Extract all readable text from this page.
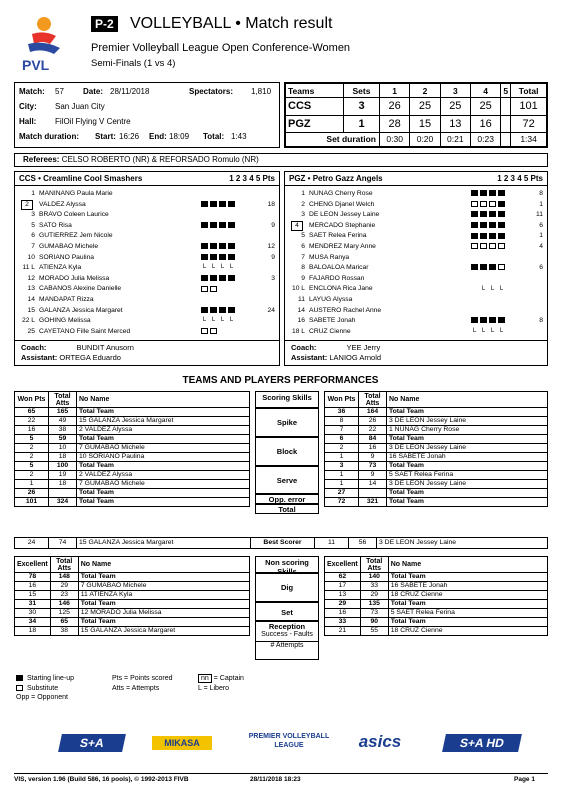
PVL
P-2 VOLLEYBALL • Match result
Premier Volleyball League Open Conference-Women
Semi-Finals (1 vs 4)
Match: 57 Date: 28/11/2018	Spectators: 1,810
City: San Juan City
Hall: FilOil Flying V Centre
Match duration: Start: 16:26 End: 18:09 Total: 1:43
Teams	Sets	1	2	3	4	5	Total
CCS	3	26	25	25	25		101
PGZ	1	28	15	13	16		72
Set duration		0:30	0:20	0:21	0:23		1:34
Referees: CELSO ROBERTO (NR) & REFORSADO Romulo (NR)
CCS • Creamline Cool Smashers	1 2 3 4 5 Pts
1 MANINANG Paula Marie
2	VALDEZ Alyssa	18
3 BRAVO Coleen Laurice
5 SATO Risa	9
6 GUTIERREZ Jem Nicole
7 GUMABAO Michele	12
10 SORIANO Paulina	9
11 L ATIENZA Kyla	L L L L
12 MORADO Julia Melissa	3
13 CABANOS Alexine Danielle
14 MANDAPAT Rizza
15 GALANZA Jessica Margaret	24
22 L GOHING Melissa	L L L L
25 CAYETANO Fille Saint Merced
PGZ • Petro Gazz Angels	1 2 3 4 5 Pts
1 NUNAG Cherry Rose	8
2 CHENG Djanel Welch	1
3 DE LEON Jessey Laine	11
4	MERCADO Stephanie	6
5 SAET Relea Ferina	1
6 MENDREZ Mary Anne	4
7 MUSA Ranya
8 BALOALOA Maricar	6
9 FAJARDO Rossan
10 L ENCLONA Rica Jane	L L L
11 LAYUG Alyssa
14 AUSTERO Rachel Anne
16 SABETE Jonah	8
18 L CRUZ Cienne	L L L L
Coach:	BUNDIT Anusorn
Assistant: ORTEGA Eduardo
Coach:	YEE Jerry
Assistant: LANIOG Arnold
TEAMS AND PLAYERS PERFORMANCES
Won Pts	Total Atts	No Name
65	165	Total Team
22	49	15 GALANZA Jessica Margaret
16	38	2 VALDEZ Alyssa
5	59	Total Team
2	10	7 GUMABAO Michele
2	18	10 SORIANO Paulina
5	100	Total Team
2	19	2 VALDEZ Alyssa
1	18	7 GUMABAO Michele
26		Total Team
101	324	Total Team
Scoring Skills
Spike
Block
Serve
Opp. error
Total
Won Pts	Total Atts	No Name
36	164	Total Team
8	26	3 DE LEON Jessey Laine
7	22	1 NUNAG Cherry Rose
6	84	Total Team
2	16	3 DE LEON Jessey Laine
1	9	16 SABETE Jonah
3	73	Total Team
1	9	5 SAET Relea Ferina
1	14	3 DE LEON Jessey Laine
27		Total Team
72	321	Total Team
24	74	15 GALANZA Jessica Margaret	Best Scorer	11	56	3 DE LEON Jessey Laine
Excellent	Total Atts	No Name
78	148	Total Team
16	29	7 GUMABAO Michele
15	23	11 ATIENZA Kyla
31	146	Total Team
30	125	12 MORADO Julia Melissa
34	65	Total Team
18	38	15 GALANZA Jessica Margaret
Non scoring Skills
Dig
Set
Reception
Success - Faults
# Attempts
Excellent	Total Atts	No Name
62	140	Total Team
17	33	16 SABETE Jonah
13	29	18 CRUZ Cienne
29	135	Total Team
16	73	5 SAET Relea Ferina
33	90	Total Team
21	55	18 CRUZ Cienne
Starting line-up	Pts = Points scored	nn = Captain
Substitute	Atts = Attempts	L = Libero
Opp = Opponent
S+A	MIKASA
PREMIER VOLLEYBALL LEAGUE	asics	S+A HD
VIS, version 1.96 (Build 586, 16 pools), © 1992-2013 FIVB	28/11/2018 18:23	Page 1
